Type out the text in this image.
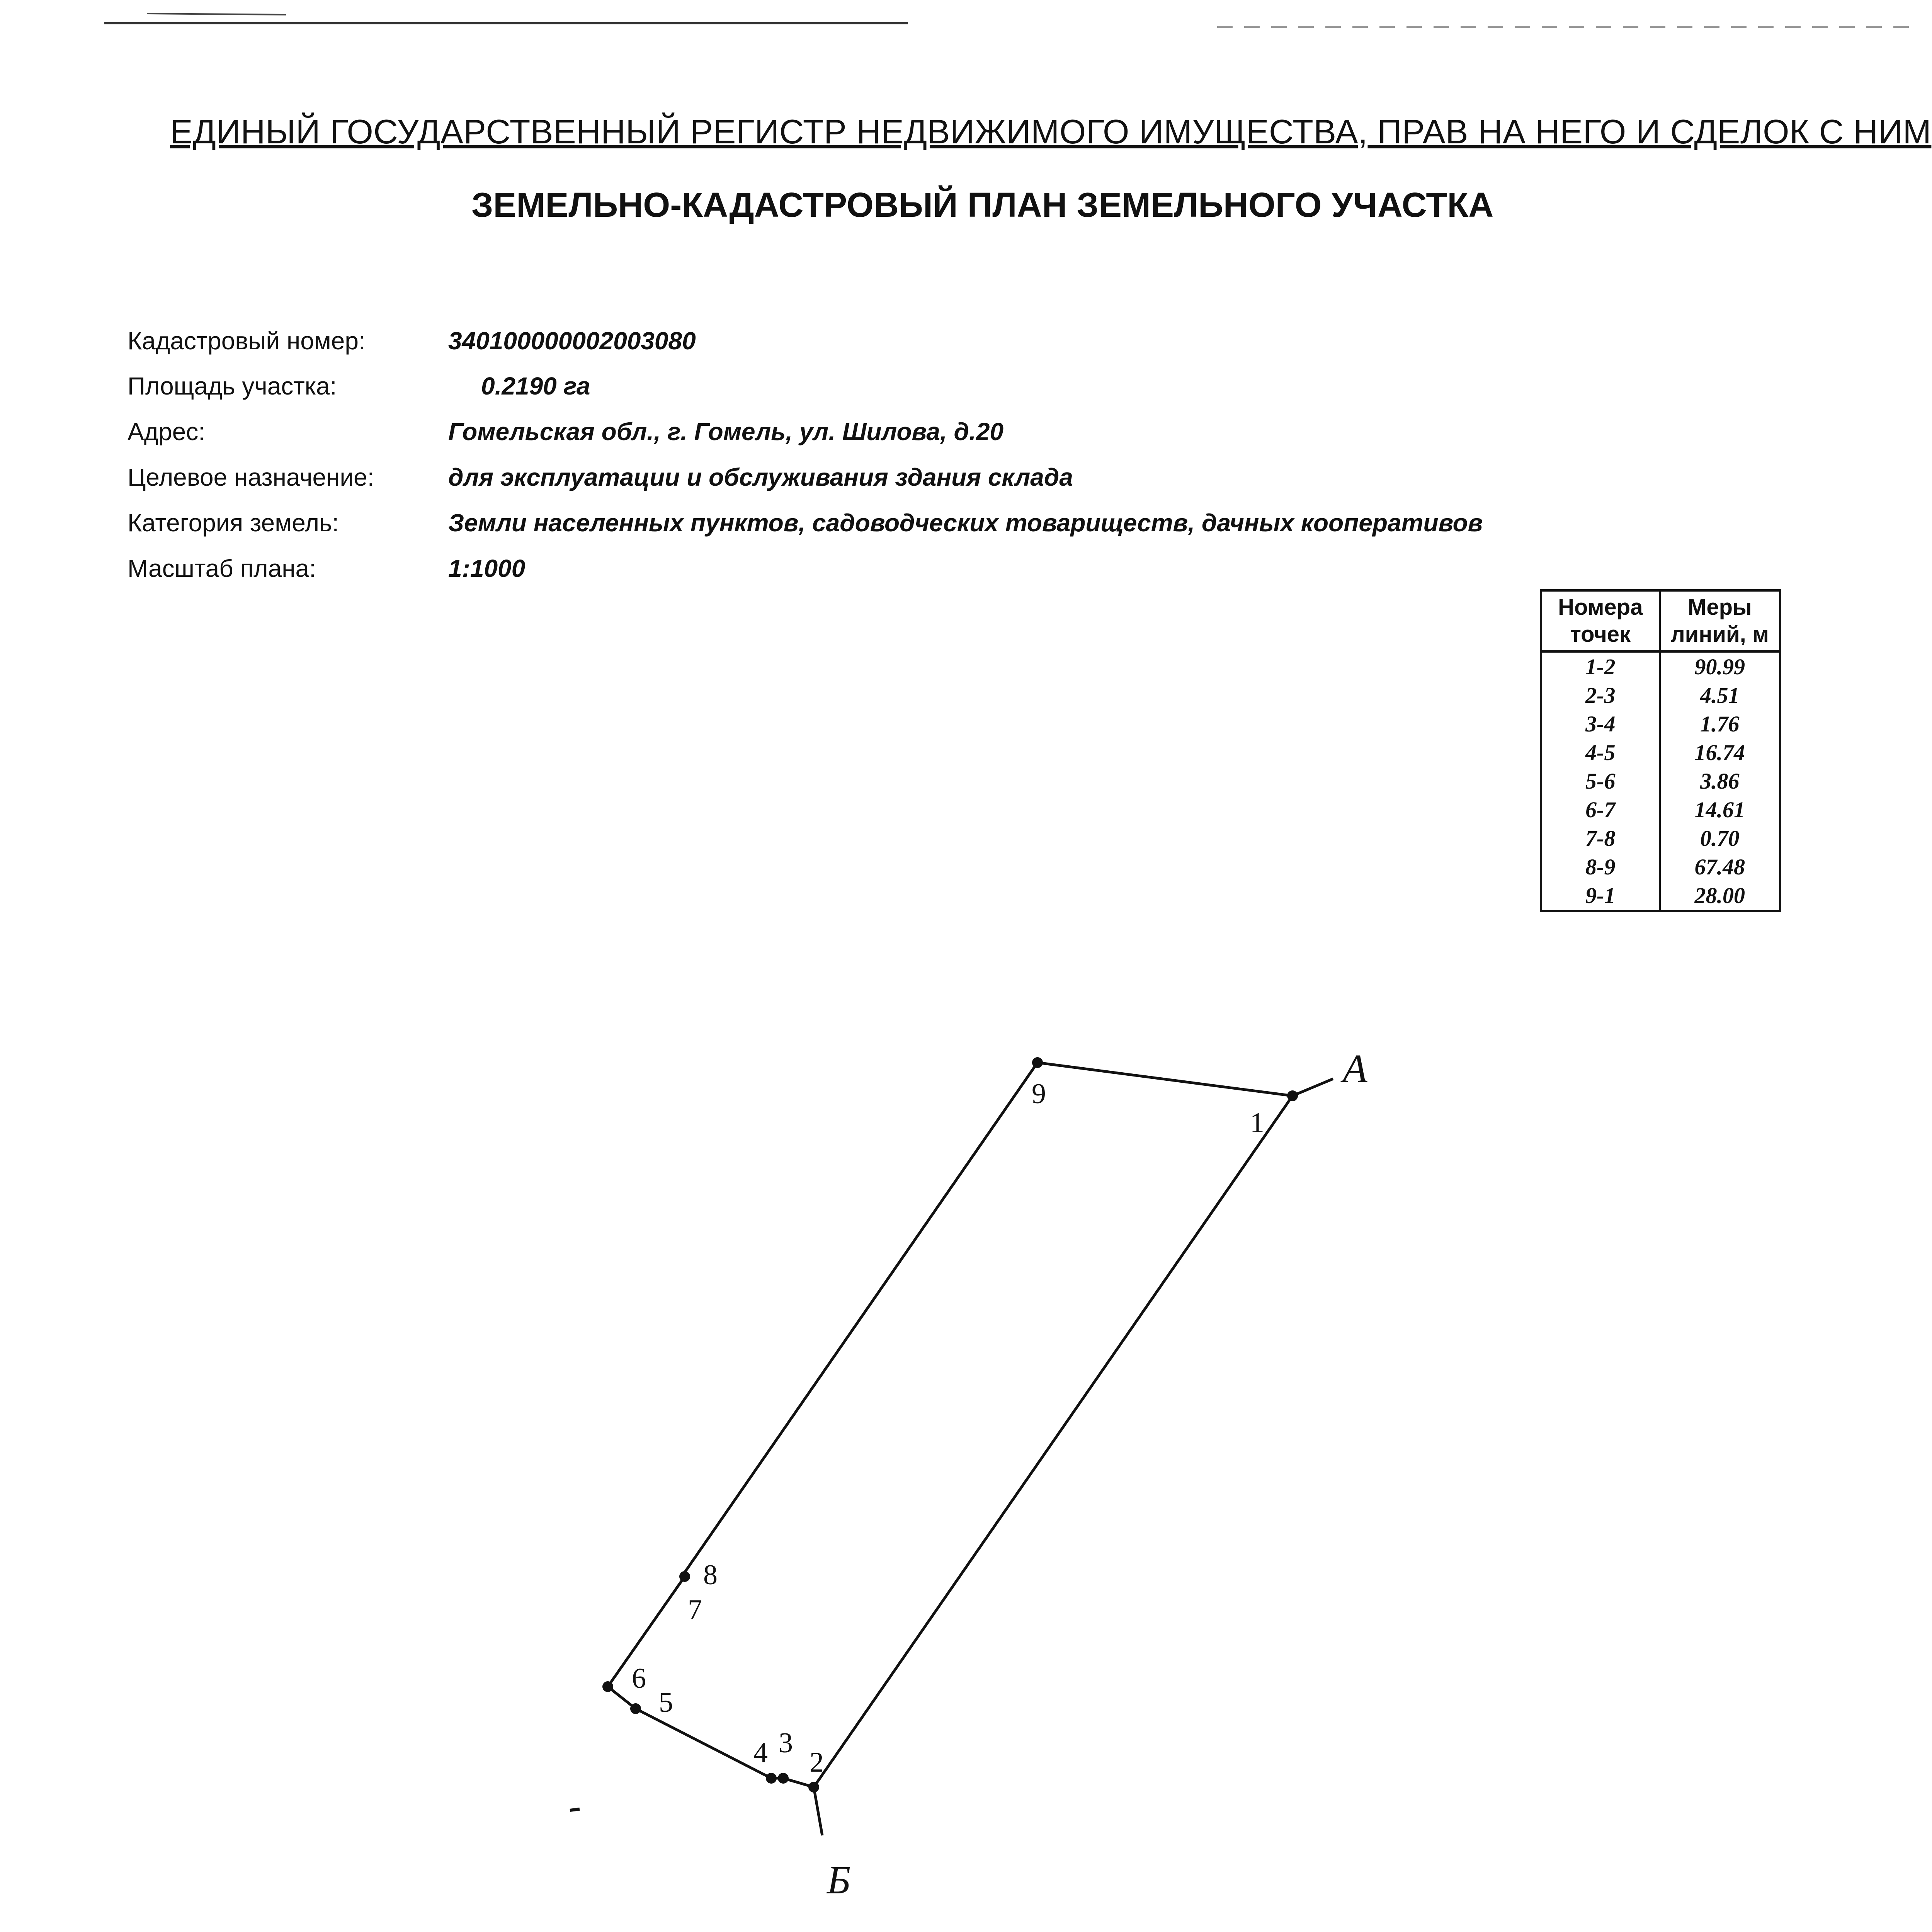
ЕДИНЫЙ ГОСУДАРСТВЕННЫЙ РЕГИСТР НЕДВИЖИМОГО ИМУЩЕСТВА, ПРАВ НА НЕГО И СДЕЛОК С НИМ
ЗЕМЕЛЬНО-КАДАСТРОВЫЙ ПЛАН ЗЕМЕЛЬНОГО УЧАСТКА
Кадастровый номер:	340100000002003080
Площадь участка:	0.2190 га
Адрес:	Гомельская обл., г. Гомель, ул. Шилова, д.20
Целевое назначение:	для эксплуатации и обслуживания здания склада
Категория земель:	Земли населенных пунктов, садоводческих товариществ, дачных кооперативов
Масштаб плана:	1:1000
Номера точек	Меры линий, м
1-2	90.99
2-3	4.51
3-4	1.76
4-5	16.74
5-6	3.86
6-7	14.61
7-8	0.70
8-9	67.48
9-1	28.00
1
2
3
4
5
6
7
8
9
А
Б
